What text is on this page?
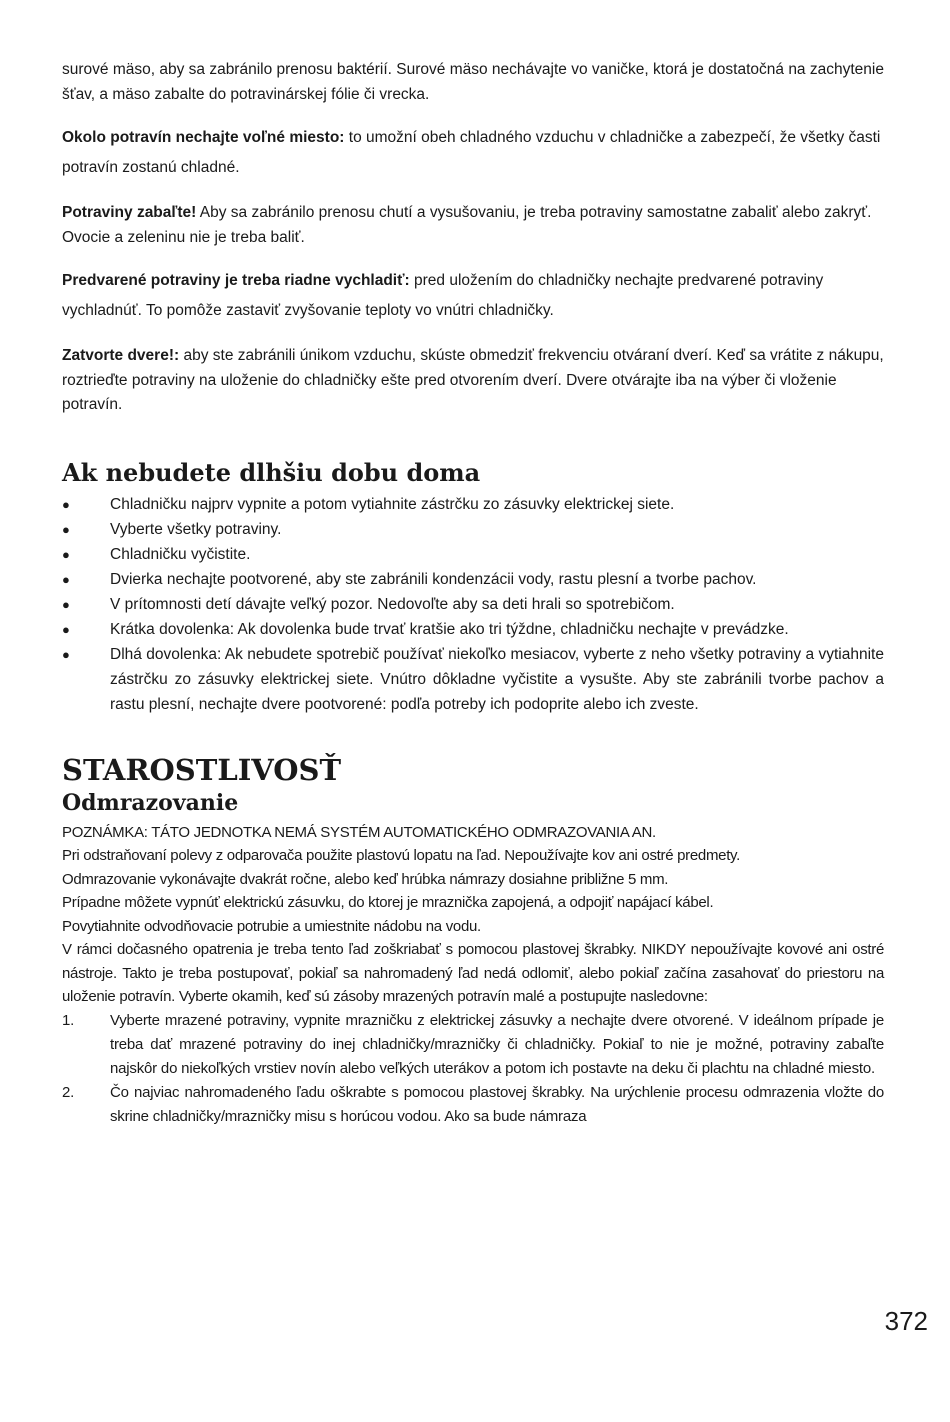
surové mäso, aby sa zabránilo prenosu baktérií. Surové mäso nechávajte vo vaničke, ktorá je dostatočná na zachytenie šťav, a mäso zabalte do potravinárskej fólie či vrecka.

Okolo potravín nechajte voľné miesto: to umožní obeh chladného vzduchu v chladničke a zabezpečí, že všetky časti potravín zostanú chladné.

Potraviny zabaľte! Aby sa zabránilo prenosu chutí a vysušovaniu, je treba potraviny samostatne zabaliť alebo zakryť. Ovocie a zeleninu nie je treba baliť.

Predvarené potraviny je treba riadne vychladiť: pred uložením do chladničky nechajte predvarené potraviny vychladnúť. To pomôže zastaviť zvyšovanie teploty vo vnútri chladničky.

Zatvorte dvere!: aby ste zabránili únikom vzduchu, skúste obmedziť frekvenciu otváraní dverí. Keď sa vrátite z nákupu, roztrieďte potraviny na uloženie do chladničky ešte pred otvorením dverí. Dvere otvárajte iba na výber či vloženie potravín.

Ak nebudete dlhšiu dobu doma
●	Chladničku najprv vypnite a potom vytiahnite zástrčku zo zásuvky elektrickej siete.
●	Vyberte všetky potraviny.
●	Chladničku vyčistite.
●	Dvierka nechajte pootvorené, aby ste zabránili kondenzácii vody, rastu plesní a tvorbe pachov.
●	V prítomnosti detí dávajte veľký pozor. Nedovoľte aby sa deti hrali so spotrebičom.
●	Krátka dovolenka: Ak dovolenka bude trvať kratšie ako tri týždne, chladničku nechajte v prevádzke.
●	Dlhá dovolenka: Ak nebudete spotrebič používať niekoľko mesiacov, vyberte z neho všetky potraviny a vytiahnite zástrčku zo zásuvky elektrickej siete. Vnútro dôkladne vyčistite a vysušte. Aby ste zabránili tvorbe pachov a rastu plesní, nechajte dvere pootvorené: podľa potreby ich podoprite alebo ich zveste.
STAROSTLIVOSŤ
Odmrazovanie

POZNÁMKA: TÁTO JEDNOTKA NEMÁ SYSTÉM AUTOMATICKÉHO ODMRAZOVANIA AN.

Pri odstraňovaní polevy z odparovača použite plastovú lopatu na ľad. Nepoužívajte kov ani ostré predmety.

Odmrazovanie vykonávajte dvakrát ročne, alebo keď hrúbka námrazy dosiahne približne 5 mm.

Prípadne môžete vypnúť elektrickú zásuvku, do ktorej je mraznička zapojená, a odpojiť napájací kábel.

Povytiahnite odvodňovacie potrubie a umiestnite nádobu na vodu.

V rámci dočasného opatrenia je treba tento ľad zoškriabať s pomocou plastovej škrabky. NIKDY nepoužívajte kovové ani ostré nástroje. Takto je treba postupovať, pokiaľ sa nahromadený ľad nedá odlomiť, alebo pokiaľ začína zasahovať do priestoru na uloženie potravín. Vyberte okamih, keď sú zásoby mrazených potravín malé a postupujte nasledovne:

1. Vyberte mrazené potraviny, vypnite mrazničku z elektrickej zásuvky a nechajte dvere otvorené. V ideálnom prípade je treba dať mrazené potraviny do inej chladničky/mrazničky či chladničky. Pokiaľ to nie je možné, potraviny zabaľte najskôr do niekoľkých vrstiev novín alebo veľkých uterákov a potom ich postavte na deku či plachtu na chladné miesto.
2. Čo najviac nahromadeného ľadu oškrabte s pomocou plastovej škrabky. Na urýchlenie procesu odmrazenia vložte do skrine chladničky/mrazničky misu s horúcou vodou. Ako sa bude námraza
372
